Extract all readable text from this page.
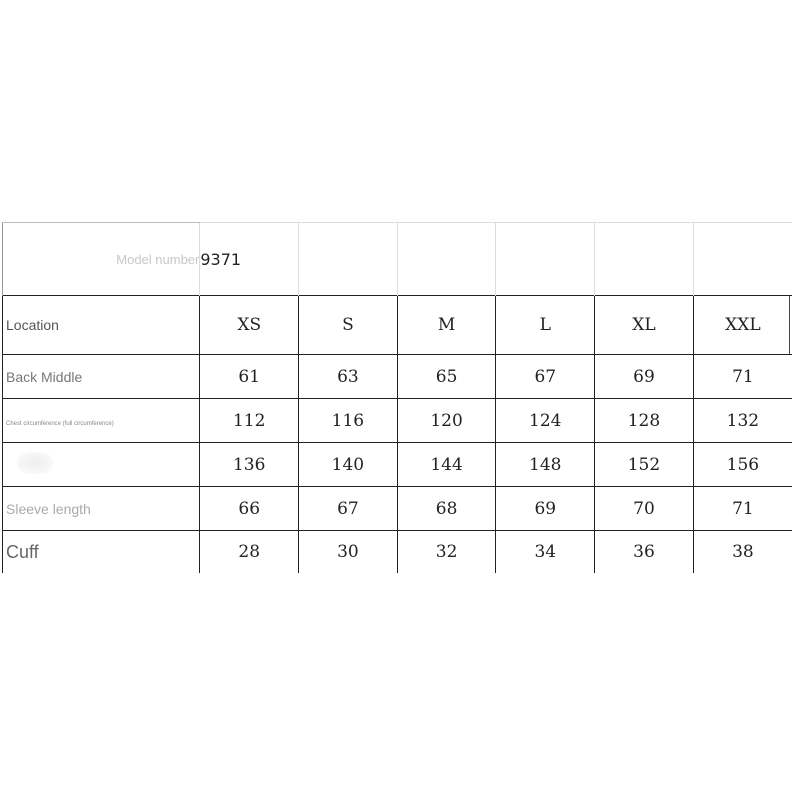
Model number	9371					
Location	XS	S	M	L	XL	XXL
Back Middle	61	63	65	67	69	71
Chest circumference (full circumference)	112	116	120	124	128	132
	136	140	144	148	152	156
Sleeve length	66	67	68	69	70	71
Cuff	28	30	32	34	36	38
